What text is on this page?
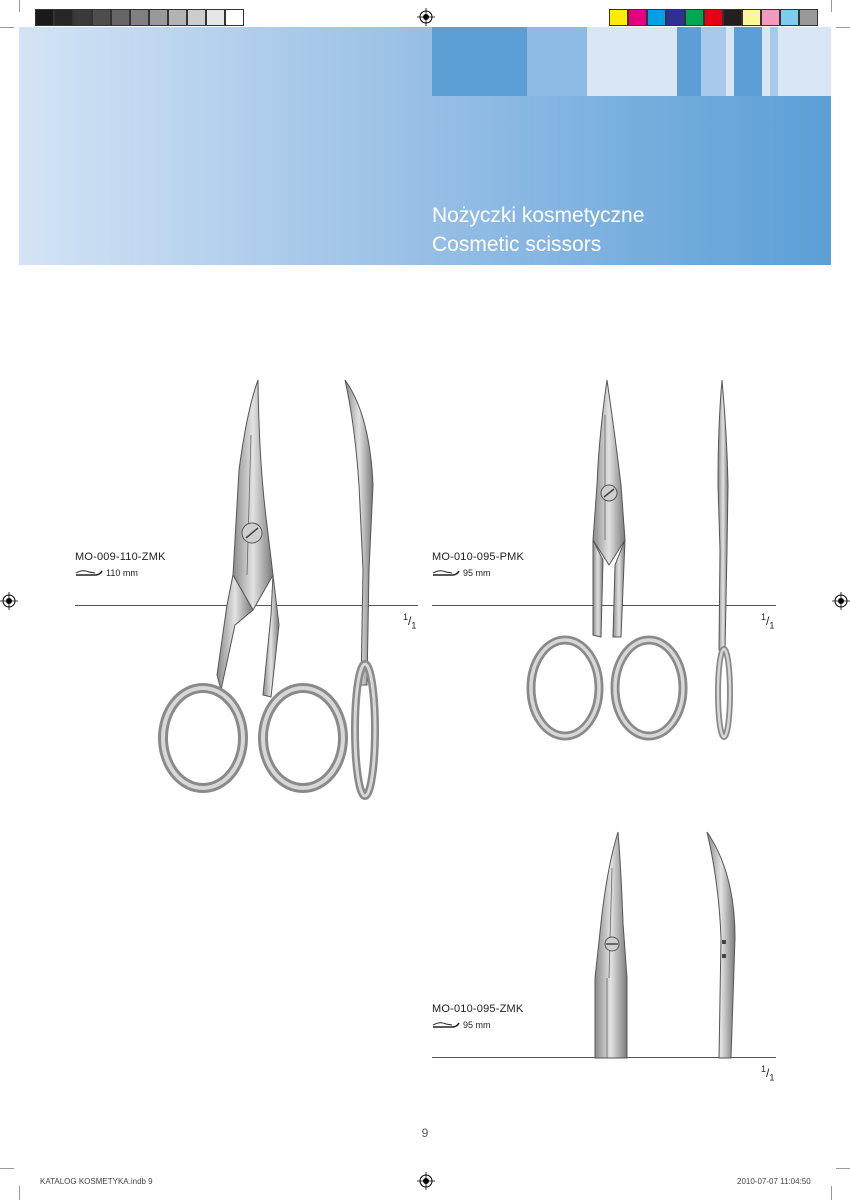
Nożyczki kosmetyczne
Cosmetic scissors
MO-009-110-ZMK
110 mm
$^1/_1$
MO-010-095-PMK
95 mm
$^1/_1$
MO-010-095-ZMK
95 mm
$^1/_1$
9
KATALOG KOSMETYKA.indb 9	2010-07-07 11:04:50
